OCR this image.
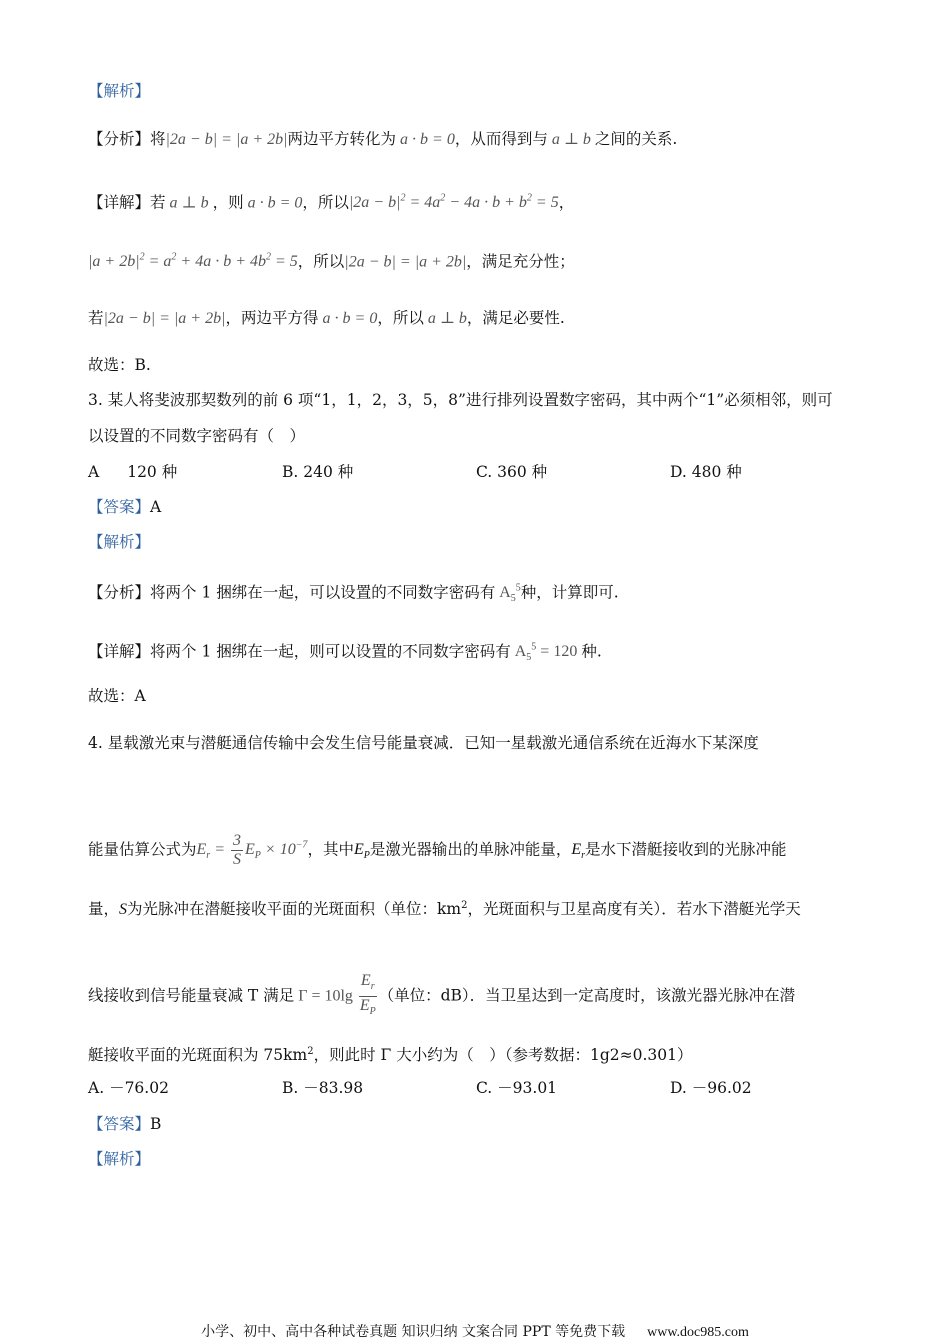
【解析】
【分析】将|2a − b| = |a + 2b|两边平方转化为 a · b = 0，从而得到与 a ⊥ b 之间的关系.
【详解】若 a ⊥ b ，则 a · b = 0，所以$|2a - b|^2 = 4a^2 - 4a \cdot b + b^2 = 5$，
$|a + 2b|^2 = a^2 + 4a \cdot b + 4b^2 = 5$，所以|2a − b| = |a + 2b|，满足充分性；
若|2a − b| = |a + 2b|，两边平方得 a · b = 0，所以 a ⊥ b，满足必要性.
故选：B.
3. 某人将斐波那契数列的前 6 项“1，1，2，3，5，8”进行排列设置数字密码，其中两个“1”必须相邻，则可
以设置的不同数字密码有（　）
A 120 种	B. 240 种	C. 360 种	D. 480 种
【答案】A
【解析】
【分析】将两个 1 捆绑在一起，可以设置的不同数字密码有 $A_5^5$种，计算即可.
【详解】将两个 1 捆绑在一起，则可以设置的不同数字密码有 $A_5^5 = 120$ 种.
故选：A
4. 星载激光束与潜艇通信传输中会发生信号能量衰减．已知一星载激光通信系统在近海水下某深度
能量估算公式为$E_r = \frac{3}{S} E_P \times 10^{-7}$，其中$E_P$是激光器输出的单脉冲能量，$E_r$是水下潜艇接收到的光脉冲能
量，S为光脉冲在潜艇接收平面的光斑面积（单位：$km^2$，光斑面积与卫星高度有关）．若水下潜艇光学天
线接收到信号能量衰减 T 满足 $\Gamma = 10\lg \frac{E_r}{E_P}$ （单位：dB）．当卫星达到一定高度时，该激光器光脉冲在潜
艇接收平面的光斑面积为 $75km^2$，则此时 Γ 大小约为（　）（参考数据：1g2≈0.301）
A. －76.02	B. －83.98	C. －93.01	D. －96.02
【答案】B
【解析】
小学、初中、高中各种试卷真题 知识归纳 文案合同 PPT 等免费下载 www.doc985.com
